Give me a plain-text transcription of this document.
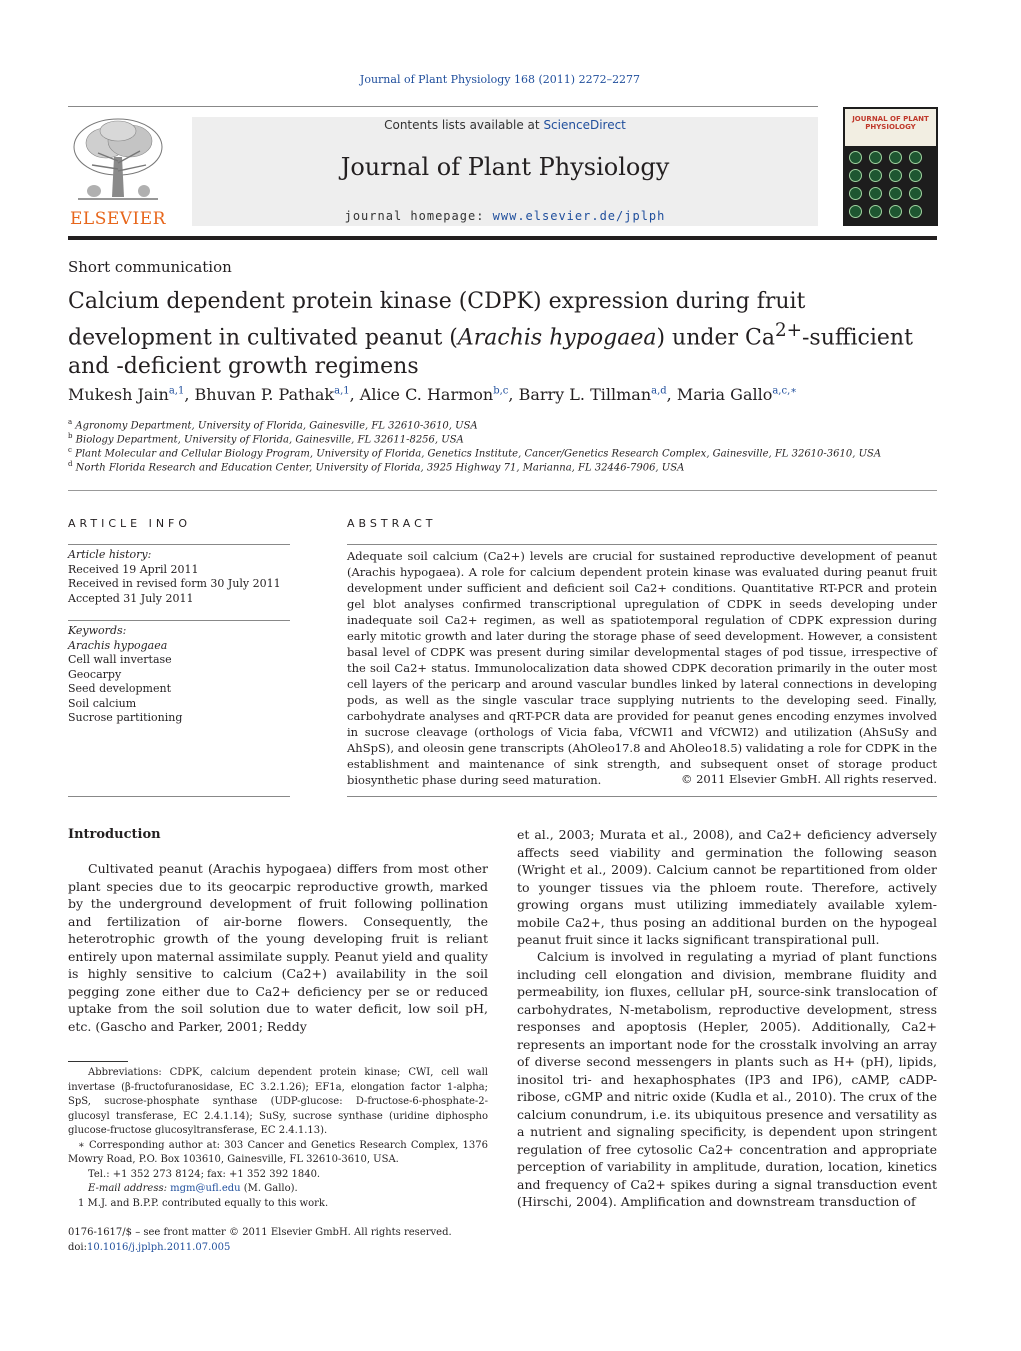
Journal of Plant Physiology 168 (2011) 2272–2277
ELSEVIER
Contents lists available at ScienceDirect
Journal of Plant Physiology
journal homepage: www.elsevier.de/jplph
JOURNAL OF PLANT PHYSIOLOGY
Short communication
Calcium dependent protein kinase (CDPK) expression during fruit development in cultivated peanut (Arachis hypogaea) under $Ca^{2+}$-sufficient and -deficient growth regimens
Mukesh Jain$^{a,1}$, Bhuvan P. Pathak$^{a,1}$, Alice C. Harmon$^{b,c}$, Barry L. Tillman$^{a,d}$, Maria Gallo$^{a,c,∗}$
$^a$ Agronomy Department, University of Florida, Gainesville, FL 32610-3610, USA
$^b$ Biology Department, University of Florida, Gainesville, FL 32611-8256, USA
$^c$ Plant Molecular and Cellular Biology Program, University of Florida, Genetics Institute, Cancer/Genetics Research Complex, Gainesville, FL 32610-3610, USA
$^d$ North Florida Research and Education Center, University of Florida, 3925 Highway 71, Marianna, FL 32446-7906, USA
ARTICLE INFO	ABSTRACT
Article history:
Received 19 April 2011
Received in revised form 30 July 2011
Accepted 31 July 2011
Keywords:
Arachis hypogaea
Cell wall invertase
Geocarpy
Seed development
Soil calcium
Sucrose partitioning
Adequate soil calcium (Ca2+) levels are crucial for sustained reproductive development of peanut (Arachis hypogaea). A role for calcium dependent protein kinase was evaluated during peanut fruit development under sufficient and deficient soil Ca2+ conditions. Quantitative RT-PCR and protein gel blot analyses confirmed transcriptional upregulation of CDPK in seeds developing under inadequate soil Ca2+ regimen, as well as spatiotemporal regulation of CDPK expression during early mitotic growth and later during the storage phase of seed development. However, a consistent basal level of CDPK was present during similar developmental stages of pod tissue, irrespective of the soil Ca2+ status. Immunolocalization data showed CDPK decoration primarily in the outer most cell layers of the pericarp and around vascular bundles linked by lateral connections in developing pods, as well as the single vascular trace supplying nutrients to the developing seed. Finally, carbohydrate analyses and qRT-PCR data are provided for peanut genes encoding enzymes involved in sucrose cleavage (orthologs of Vicia faba, VfCWI1 and VfCWI2) and utilization (AhSuSy and AhSpS), and oleosin gene transcripts (AhOleo17.8 and AhOleo18.5) validating a role for CDPK in the establishment and maintenance of sink strength, and subsequent onset of storage product biosynthetic phase during seed maturation.	© 2011 Elsevier GmbH. All rights reserved.
Introduction
Cultivated peanut (Arachis hypogaea) differs from most other plant species due to its geocarpic reproductive growth, marked by the underground development of fruit following pollination and fertilization of air-borne flowers. Consequently, the heterotrophic growth of the young developing fruit is reliant entirely upon maternal assimilate supply. Peanut yield and quality is highly sensitive to calcium (Ca2+) availability in the soil pegging zone either due to Ca2+ deficiency per se or reduced uptake from the soil solution due to water deficit, low soil pH, etc. (Gascho and Parker, 2001; Reddy
et al., 2003; Murata et al., 2008), and Ca2+ deficiency adversely affects seed viability and germination the following season (Wright et al., 2009). Calcium cannot be repartitioned from older to younger tissues via the phloem route. Therefore, actively growing organs must utilizing immediately available xylem-mobile Ca2+, thus posing an additional burden on the hypogeal peanut fruit since it lacks significant transpirational pull.
Calcium is involved in regulating a myriad of plant functions including cell elongation and division, membrane fluidity and permeability, ion fluxes, cellular pH, source-sink translocation of carbohydrates, N-metabolism, reproductive development, stress responses and apoptosis (Hepler, 2005). Additionally, Ca2+ represents an important node for the crosstalk involving an array of diverse second messengers in plants such as H+ (pH), lipids, inositol tri- and hexaphosphates (IP3 and IP6), cAMP, cADP-ribose, cGMP and nitric oxide (Kudla et al., 2010). The crux of the calcium conundrum, i.e. its ubiquitous presence and versatility as a nutrient and signaling specificity, is dependent upon stringent regulation of free cytosolic Ca2+ concentration and appropriate perception of variability in amplitude, duration, location, kinetics and frequency of Ca2+ spikes during a signal transduction event (Hirschi, 2004). Amplification and downstream transduction of

Abbreviations: CDPK, calcium dependent protein kinase; CWI, cell wall invertase (β-fructofuranosidase, EC 3.2.1.26); EF1a, elongation factor 1-alpha; SpS, sucrose-phosphate synthase (UDP-glucose: D-fructose-6-phosphate-2-glucosyl transferase, EC 2.4.1.14); SuSy, sucrose synthase (uridine diphospho glucose-fructose glucosyltransferase, EC 2.4.1.13).

∗ Corresponding author at: 303 Cancer and Genetics Research Complex, 1376 Mowry Road, P.O. Box 103610, Gainesville, FL 32610-3610, USA.

Tel.: +1 352 273 8124; fax: +1 352 392 1840.

E-mail address: mgm@ufl.edu (M. Gallo).

1 M.J. and B.P.P. contributed equally to this work.

0176-1617/$ – see front matter © 2011 Elsevier GmbH. All rights reserved.
doi:10.1016/j.jplph.2011.07.005
